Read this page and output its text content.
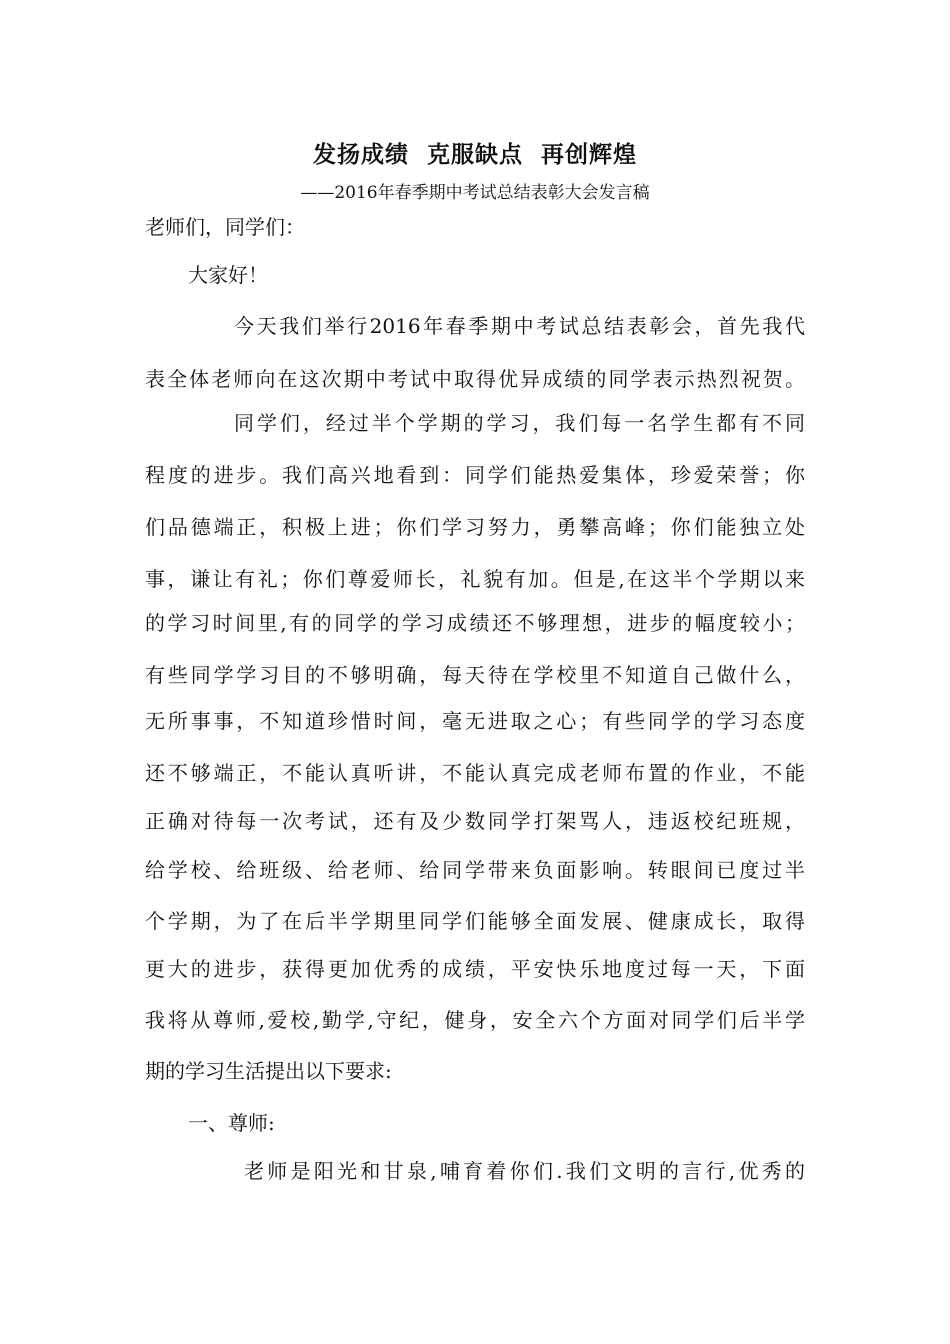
发扬成绩  克服缺点  再创辉煌
——2016年春季期中考试总结表彰大会发言稿
老师们，同学们：
大家好！
今天我们举行2016年春季期中考试总结表彰会，首先我代
表全体老师向在这次期中考试中取得优异成绩的同学表示热烈祝贺。
同学们，经过半个学期的学习，我们每一名学生都有不同
程度的进步。我们高兴地看到：同学们能热爱集体，珍爱荣誉；你
们品德端正，积极上进；你们学习努力，勇攀高峰；你们能独立处
事，谦让有礼；你们尊爱师长，礼貌有加。但是,在这半个学期以来
的学习时间里,有的同学的学习成绩还不够理想，进步的幅度较小；
有些同学学习目的不够明确，每天待在学校里不知道自己做什么，
无所事事，不知道珍惜时间，毫无进取之心；有些同学的学习态度
还不够端正，不能认真听讲，不能认真完成老师布置的作业，不能
正确对待每一次考试，还有及少数同学打架骂人，违返校纪班规，
给学校、给班级、给老师、给同学带来负面影响。转眼间已度过半
个学期，为了在后半学期里同学们能够全面发展、健康成长，取得
更大的进步，获得更加优秀的成绩，平安快乐地度过每一天，下面
我将从尊师,爱校,勤学,守纪，健身，安全六个方面对同学们后半学
期的学习生活提出以下要求:
一、尊师:
老师是阳光和甘泉,哺育着你们.我们文明的言行,优秀的
